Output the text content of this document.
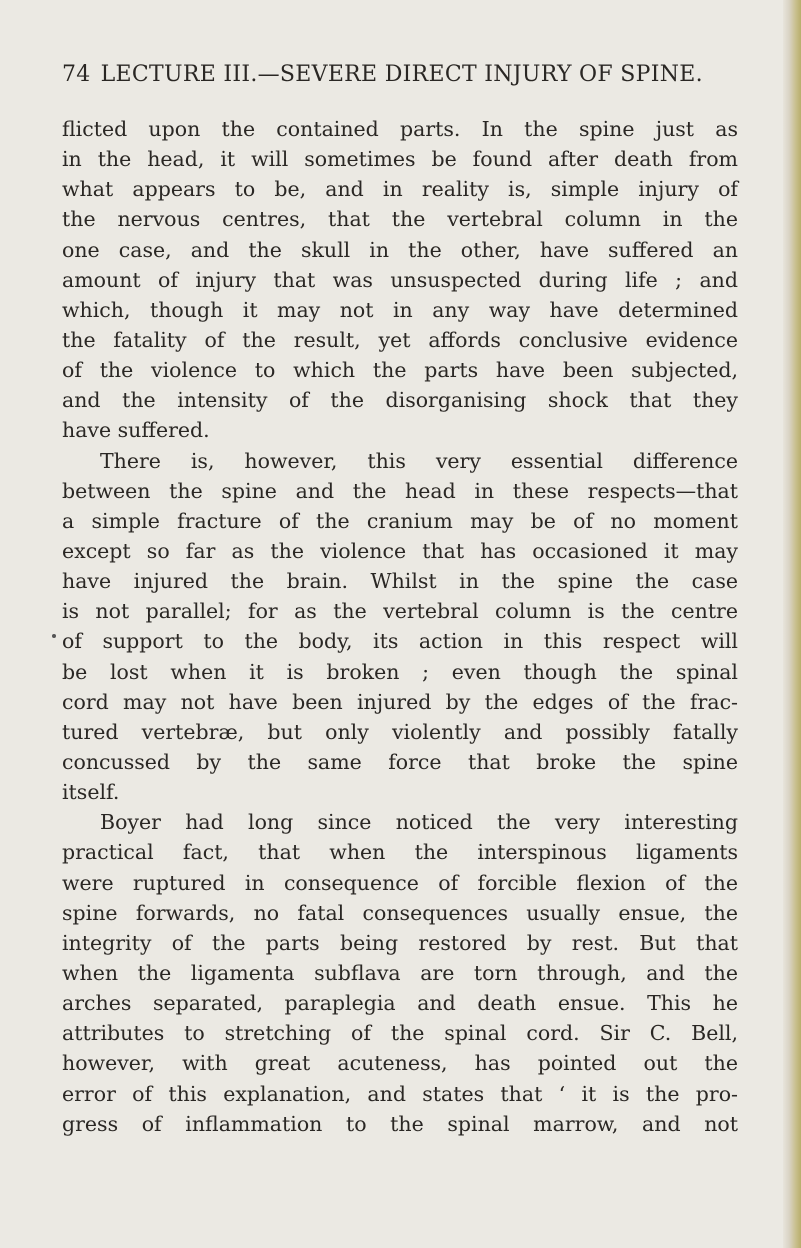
74 LECTURE III.—SEVERE DIRECT INJURY OF SPINE.
flicted upon the contained parts. In the spine just as
in the head, it will sometimes be found after death from
what appears to be, and in reality is, simple injury of
the nervous centres, that the vertebral column in the
one case, and the skull in the other, have suffered an
amount of injury that was unsuspected during life ; and
which, though it may not in any way have determined
the fatality of the result, yet affords conclusive evidence
of the violence to which the parts have been subjected,
and the intensity of the disorganising shock that they
have suffered.
There is, however, this very essential difference
between the spine and the head in these respects—that
a simple fracture of the cranium may be of no moment
except so far as the violence that has occasioned it may
have injured the brain. Whilst in the spine the case
is not parallel; for as the vertebral column is the centre
of support to the body, its action in this respect will
be lost when it is broken ; even though the spinal
cord may not have been injured by the edges of the frac-
tured vertebræ, but only violently and possibly fatally
concussed by the same force that broke the spine
itself.
Boyer had long since noticed the very interesting
practical fact, that when the interspinous ligaments
were ruptured in consequence of forcible flexion of the
spine forwards, no fatal consequences usually ensue, the
integrity of the parts being restored by rest. But that
when the ligamenta subflava are torn through, and the
arches separated, paraplegia and death ensue. This he
attributes to stretching of the spinal cord. Sir C. Bell,
however, with great acuteness, has pointed out the
error of this explanation, and states that ‘ it is the pro-
gress of inflammation to the spinal marrow, and not
